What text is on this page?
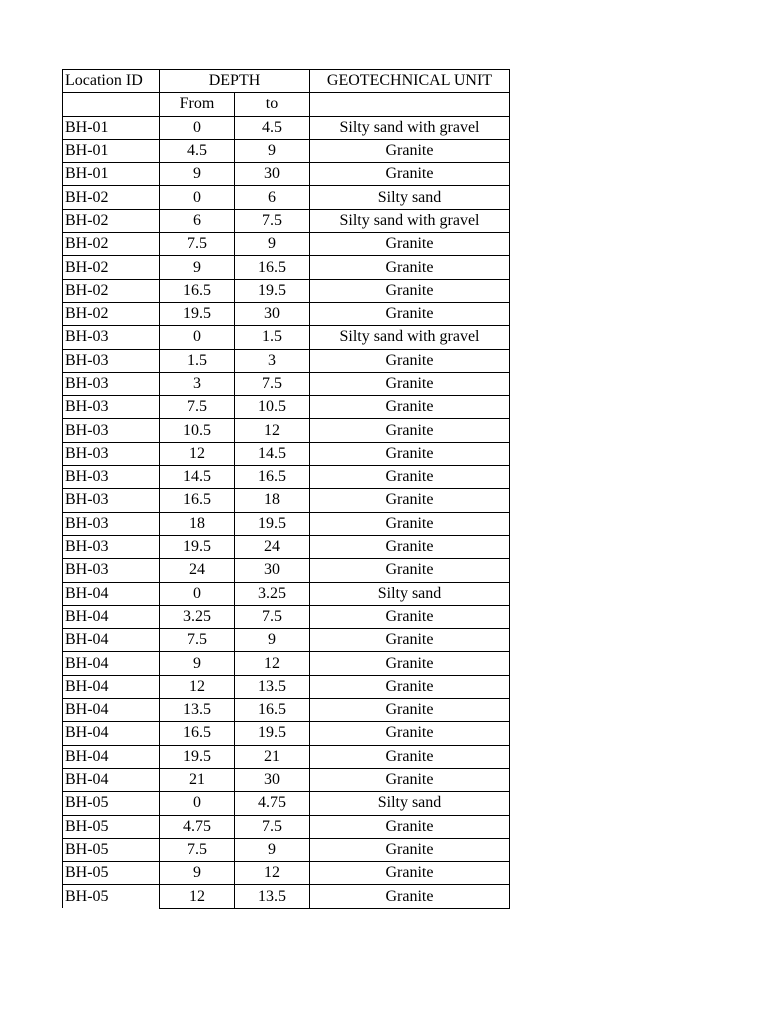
Location ID	DEPTH		GEOTECHNICAL UNIT
	From	to	
BH-01	0	4.5	Silty sand with gravel
BH-01	4.5	9	Granite
BH-01	9	30	Granite
BH-02	0	6	Silty sand
BH-02	6	7.5	Silty sand with gravel
BH-02	7.5	9	Granite
BH-02	9	16.5	Granite
BH-02	16.5	19.5	Granite
BH-02	19.5	30	Granite
BH-03	0	1.5	Silty sand with gravel
BH-03	1.5	3	Granite
BH-03	3	7.5	Granite
BH-03	7.5	10.5	Granite
BH-03	10.5	12	Granite
BH-03	12	14.5	Granite
BH-03	14.5	16.5	Granite
BH-03	16.5	18	Granite
BH-03	18	19.5	Granite
BH-03	19.5	24	Granite
BH-03	24	30	Granite
BH-04	0	3.25	Silty sand
BH-04	3.25	7.5	Granite
BH-04	7.5	9	Granite
BH-04	9	12	Granite
BH-04	12	13.5	Granite
BH-04	13.5	16.5	Granite
BH-04	16.5	19.5	Granite
BH-04	19.5	21	Granite
BH-04	21	30	Granite
BH-05	0	4.75	Silty sand
BH-05	4.75	7.5	Granite
BH-05	7.5	9	Granite
BH-05	9	12	Granite
BH-05	12	13.5	Granite
